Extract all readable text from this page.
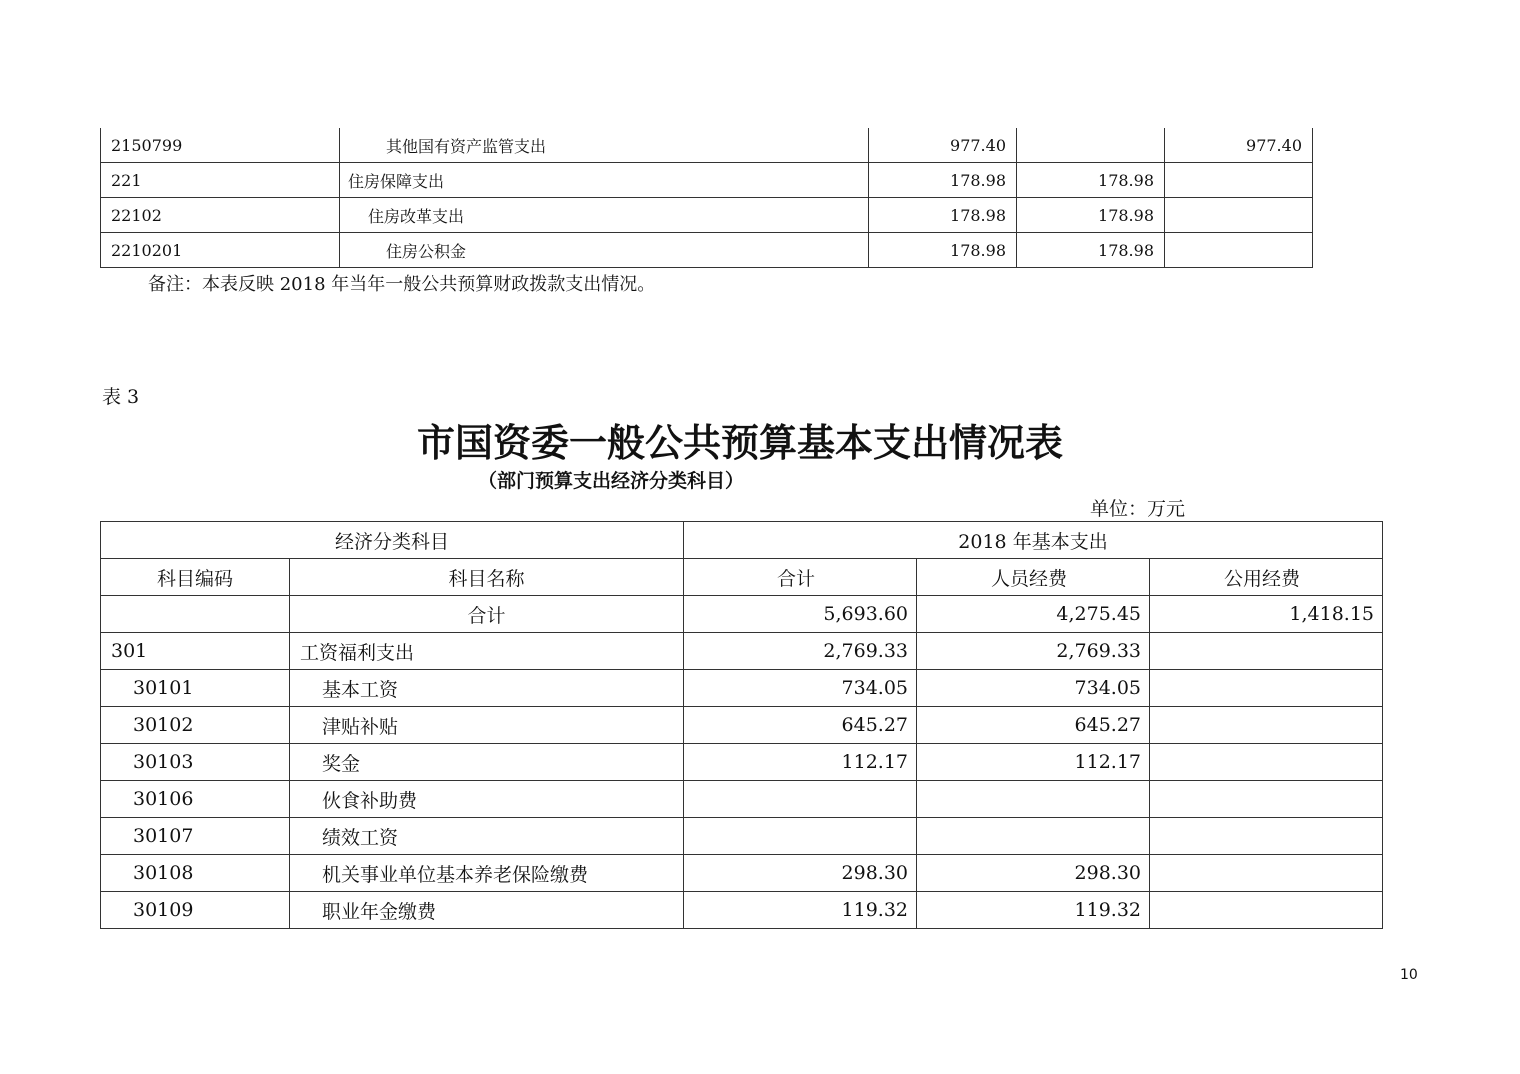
2150799	其他国有资产监管支出	977.40		977.40
221	住房保障支出	178.98	178.98	
22102	住房改革支出	178.98	178.98	
2210201	住房公积金	178.98	178.98	
备注：本表反映 2018 年当年一般公共预算财政拨款支出情况。
表 3
市国资委一般公共预算基本支出情况表
（部门预算支出经济分类科目）
单位：万元
经济分类科目		2018 年基本支出		
科目编码	科目名称	合计	人员经费	公用经费
	合计	5,693.60	4,275.45	1,418.15
301	工资福利支出	2,769.33	2,769.33	
30101	基本工资	734.05	734.05	
30102	津贴补贴	645.27	645.27	
30103	奖金	112.17	112.17	
30106	伙食补助费			
30107	绩效工资			
30108	机关事业单位基本养老保险缴费	298.30	298.30	
30109	职业年金缴费	119.32	119.32	
10
